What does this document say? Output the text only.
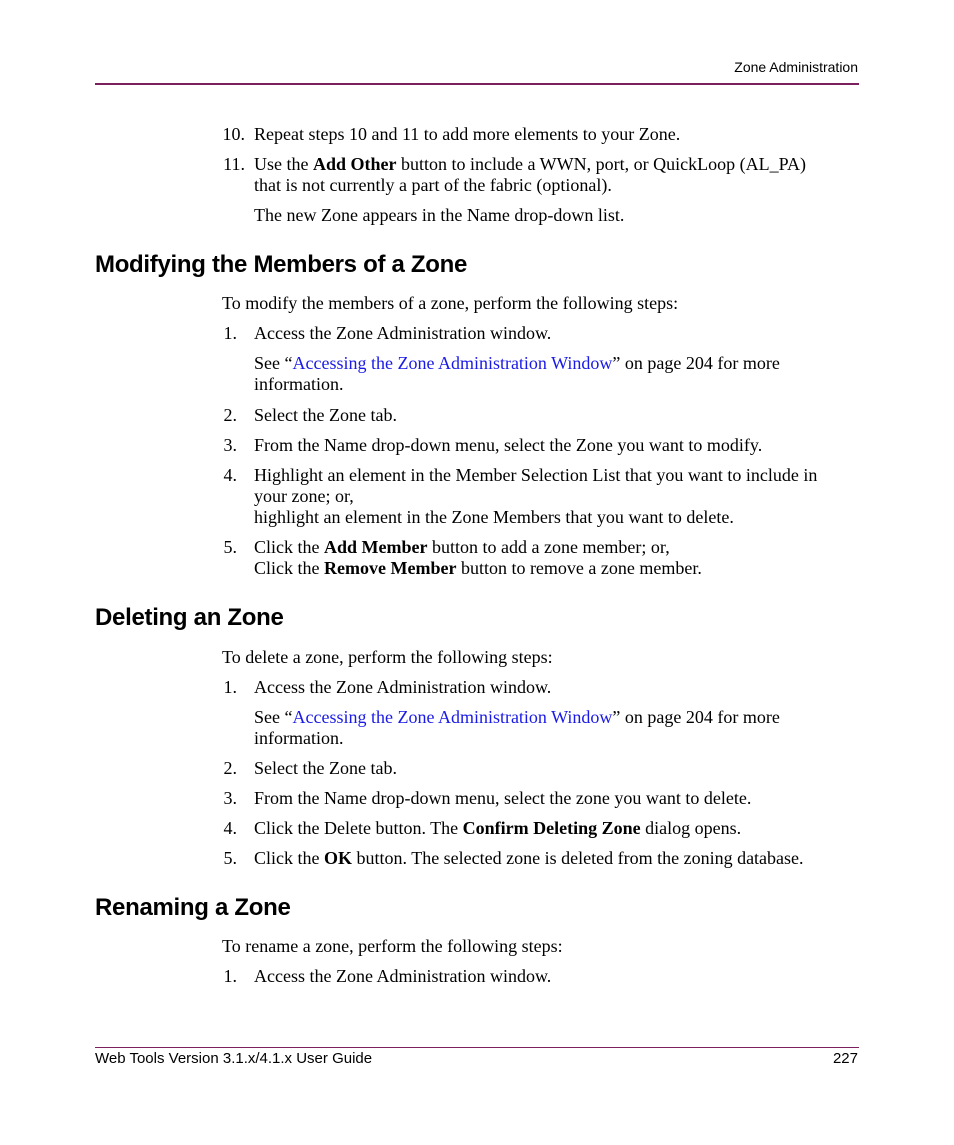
Zone Administration
10. Repeat steps 10 and 11 to add more elements to your Zone.
11. Use the Add Other button to include a WWN, port, or QuickLoop (AL_PA)
that is not currently a part of the fabric (optional).
The new Zone appears in the Name drop-down list.
Modifying the Members of a Zone
To modify the members of a zone, perform the following steps:
1. Access the Zone Administration window.
See “Accessing the Zone Administration Window” on page 204 for more
information.
2. Select the Zone tab.
3. From the Name drop-down menu, select the Zone you want to modify.
4. Highlight an element in the Member Selection List that you want to include in
your zone; or,
highlight an element in the Zone Members that you want to delete.
5. Click the Add Member button to add a zone member; or,
Click the Remove Member button to remove a zone member.
Deleting an Zone
To delete a zone, perform the following steps:
1. Access the Zone Administration window.
See “Accessing the Zone Administration Window” on page 204 for more
information.
2. Select the Zone tab.
3. From the Name drop-down menu, select the zone you want to delete.
4. Click the Delete button. The Confirm Deleting Zone dialog opens.
5. Click the OK button. The selected zone is deleted from the zoning database.
Renaming a Zone
To rename a zone, perform the following steps:
1. Access the Zone Administration window.
Web Tools Version 3.1.x/4.1.x User Guide	227
